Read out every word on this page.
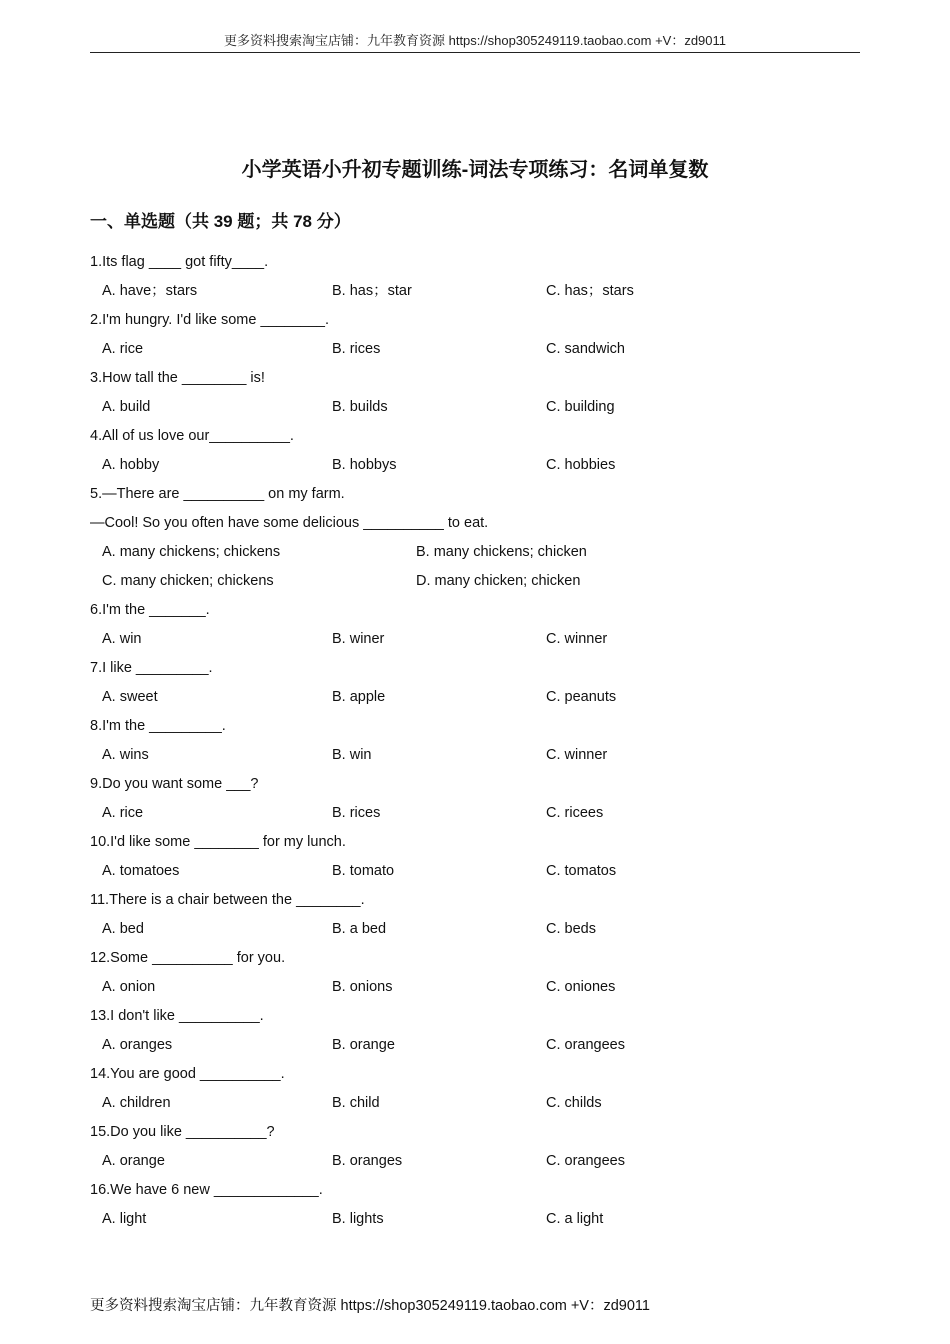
更多资料搜索淘宝店铺：九年教育资源 https://shop305249119.taobao.com +V：zd9011
小学英语小升初专题训练-词法专项练习：名词单复数
一、单选题（共 39 题；共 78 分）
1.Its flag ____ got fifty____.
A. have；stars	B. has；star	C. has；stars
2.I'm hungry. I'd like some ________.
A. rice	B. rices	C. sandwich
3.How tall the ________ is!
A. build	B. builds	C. building
4.All of us love our__________.
A. hobby	B. hobbys	C. hobbies
5.—There are __________ on my farm.
—Cool! So you often have some delicious __________ to eat.
A. many chickens; chickens	B. many chickens; chicken
C. many chicken; chickens	D. many chicken; chicken
6.I'm the _______.
A. win	B. winer	C. winner
7.I like _________.
A. sweet	B. apple	C. peanuts
8.I'm the _________.
A. wins	B. win	C. winner
9.Do you want some ___?
A. rice	B. rices	C. ricees
10.I'd like some ________ for my lunch.
A. tomatoes	B. tomato	C. tomatos
11.There is a chair between the ________.
A. bed	B. a bed	C. beds
12.Some __________ for you.
A. onion	B. onions	C. oniones
13.I don't like __________.
A. oranges	B. orange	C. orangees
14.You are good __________.
A. children	B. child	C. childs
15.Do you like __________?
A. orange	B. oranges	C. orangees
16.We have 6 new _____________.
A. light	B. lights	C. a light
更多资料搜索淘宝店铺：九年教育资源 https://shop305249119.taobao.com +V：zd9011
